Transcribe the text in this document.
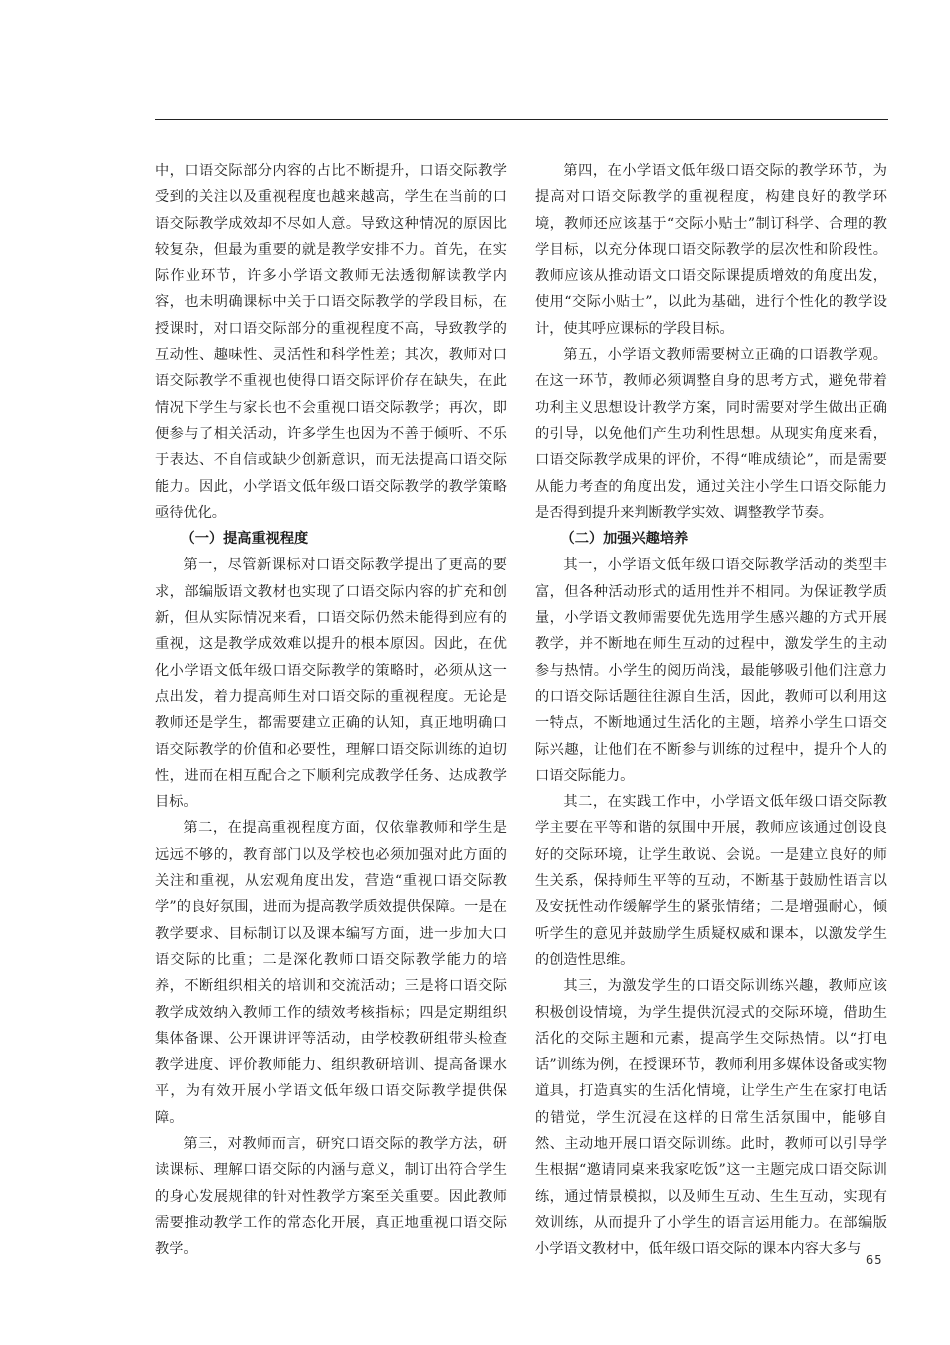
中，口语交际部分内容的占比不断提升，口语交际教学受到的关注以及重视程度也越来越高，学生在当前的口语交际教学成效却不尽如人意。导致这种情况的原因比较复杂，但最为重要的就是教学安排不力。首先，在实际作业环节，许多小学语文教师无法透彻解读教学内容，也未明确课标中关于口语交际教学的学段目标，在授课时，对口语交际部分的重视程度不高，导致教学的互动性、趣味性、灵活性和科学性差；其次，教师对口语交际教学不重视也使得口语交际评价存在缺失，在此情况下学生与家长也不会重视口语交际教学；再次，即便参与了相关活动，许多学生也因为不善于倾听、不乐于表达、不自信或缺少创新意识，而无法提高口语交际能力。因此，小学语文低年级口语交际教学的教学策略亟待优化。

（一）提高重视程度

第一，尽管新课标对口语交际教学提出了更高的要求，部编版语文教材也实现了口语交际内容的扩充和创新，但从实际情况来看，口语交际仍然未能得到应有的重视，这是教学成效难以提升的根本原因。因此，在优化小学语文低年级口语交际教学的策略时，必须从这一点出发，着力提高师生对口语交际的重视程度。无论是教师还是学生，都需要建立正确的认知，真正地明确口语交际教学的价值和必要性，理解口语交际训练的迫切性，进而在相互配合之下顺利完成教学任务、达成教学目标。

第二，在提高重视程度方面，仅依靠教师和学生是远远不够的，教育部门以及学校也必须加强对此方面的关注和重视，从宏观角度出发，营造“重视口语交际教学”的良好氛围，进而为提高教学质效提供保障。一是在教学要求、目标制订以及课本编写方面，进一步加大口语交际的比重；二是深化教师口语交际教学能力的培养，不断组织相关的培训和交流活动；三是将口语交际教学成效纳入教师工作的绩效考核指标；四是定期组织集体备课、公开课讲评等活动，由学校教研组带头检查教学进度、评价教师能力、组织教研培训、提高备课水平，为有效开展小学语文低年级口语交际教学提供保障。

第三，对教师而言，研究口语交际的教学方法，研读课标、理解口语交际的内涵与意义，制订出符合学生的身心发展规律的针对性教学方案至关重要。因此教师需要推动教学工作的常态化开展，真正地重视口语交际教学。

第四，在小学语文低年级口语交际的教学环节，为提高对口语交际教学的重视程度，构建良好的教学环境，教师还应该基于“交际小贴士”制订科学、合理的教学目标，以充分体现口语交际教学的层次性和阶段性。教师应该从推动语文口语交际课提质增效的角度出发，使用“交际小贴士”，以此为基础，进行个性化的教学设计，使其呼应课标的学段目标。

第五，小学语文教师需要树立正确的口语教学观。在这一环节，教师必须调整自身的思考方式，避免带着功利主义思想设计教学方案，同时需要对学生做出正确的引导，以免他们产生功利性思想。从现实角度来看，口语交际教学成果的评价，不得“唯成绩论”，而是需要从能力考查的角度出发，通过关注小学生口语交际能力是否得到提升来判断教学实效、调整教学节奏。

（二）加强兴趣培养

其一，小学语文低年级口语交际教学活动的类型丰富，但各种活动形式的适用性并不相同。为保证教学质量，小学语文教师需要优先选用学生感兴趣的方式开展教学，并不断地在师生互动的过程中，激发学生的主动参与热情。小学生的阅历尚浅，最能够吸引他们注意力的口语交际话题往往源自生活，因此，教师可以利用这一特点，不断地通过生活化的主题，培养小学生口语交际兴趣，让他们在不断参与训练的过程中，提升个人的口语交际能力。

其二，在实践工作中，小学语文低年级口语交际教学主要在平等和谐的氛围中开展，教师应该通过创设良好的交际环境，让学生敢说、会说。一是建立良好的师生关系，保持师生平等的互动，不断基于鼓励性语言以及安抚性动作缓解学生的紧张情绪；二是增强耐心，倾听学生的意见并鼓励学生质疑权威和课本，以激发学生的创造性思维。

其三，为激发学生的口语交际训练兴趣，教师应该积极创设情境，为学生提供沉浸式的交际环境，借助生活化的交际主题和元素，提高学生交际热情。以“打电话”训练为例，在授课环节，教师利用多媒体设备或实物道具，打造真实的生活化情境，让学生产生在家打电话的错觉，学生沉浸在这样的日常生活氛围中，能够自然、主动地开展口语交际训练。此时，教师可以引导学生根据“邀请同桌来我家吃饭”这一主题完成口语交际训练，通过情景模拟，以及师生互动、生生互动，实现有效训练，从而提升了小学生的语言运用能力。在部编版小学语文教材中，低年级口语交际的课本内容大多与

65
